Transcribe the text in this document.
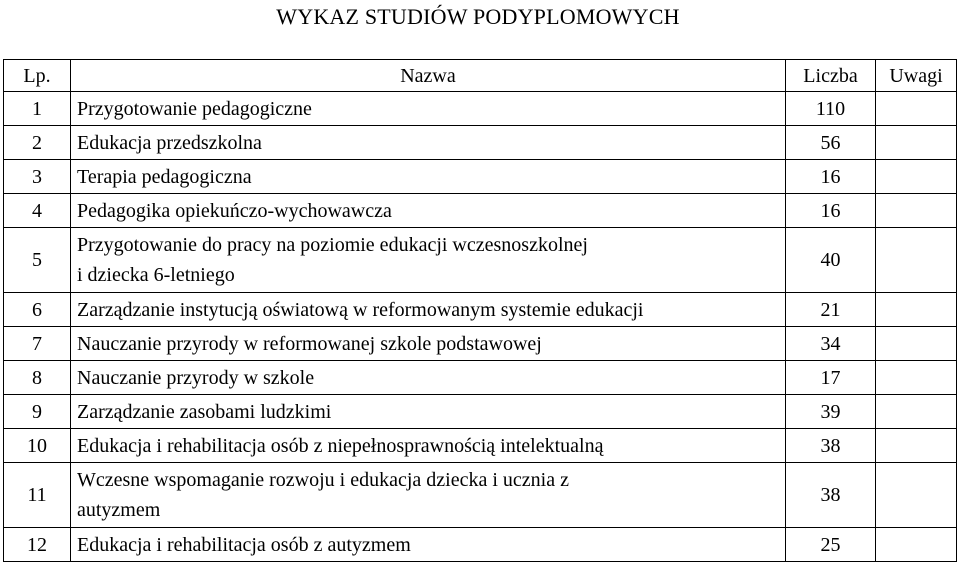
WYKAZ STUDIÓW PODYPLOMOWYCH
Lp.	Nazwa	Liczba	Uwagi
1	Przygotowanie pedagogiczne	110	
2	Edukacja przedszkolna	56	
3	Terapia pedagogiczna	16	
4	Pedagogika opiekuńczo-wychowawcza	16	
5	Przygotowanie do pracy na poziomie edukacji wczesnoszkolnej
i dziecka 6-letniego	40	
6	Zarządzanie instytucją oświatową w reformowanym systemie edukacji	21	
7	Nauczanie przyrody w reformowanej szkole podstawowej	34	
8	Nauczanie przyrody w szkole	17	
9	Zarządzanie zasobami ludzkimi	39	
10	Edukacja i rehabilitacja osób z niepełnosprawnością intelektualną	38	
11	Wczesne wspomaganie rozwoju i edukacja dziecka i ucznia z
autyzmem	38	
12	Edukacja i rehabilitacja osób z autyzmem	25	
